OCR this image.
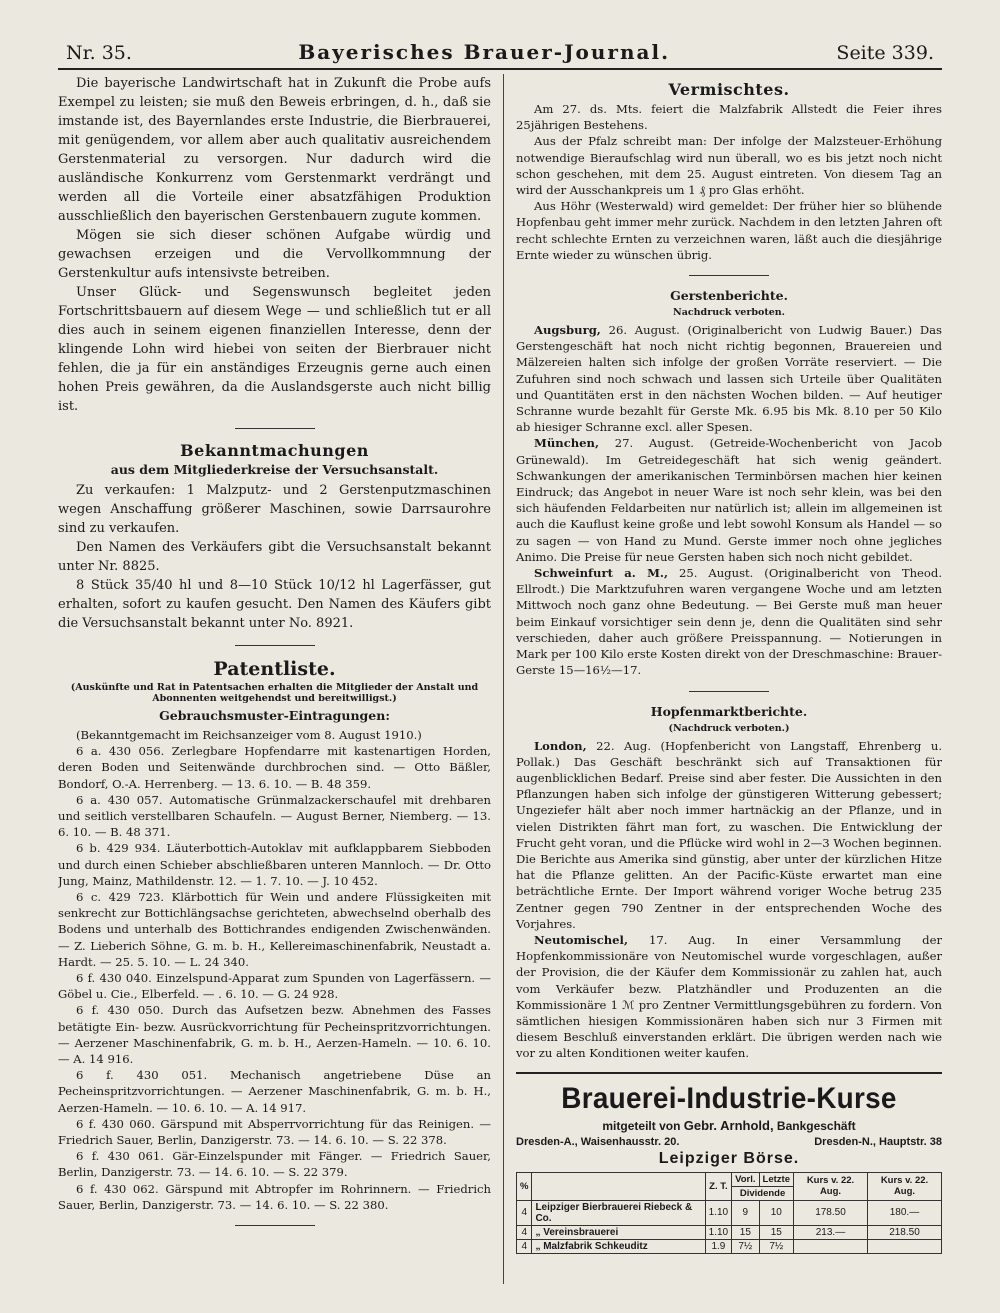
Nr. 35.	Bayerisches Brauer-Journal.	Seite 339.

Die bayerische Landwirtschaft hat in Zukunft die Probe aufs Exempel zu leisten; sie muß den Beweis erbringen, d. h., daß sie imstande ist, des Bayernlandes erste Industrie, die Bierbrauerei, mit genügendem, vor allem aber auch qualitativ ausreichendem Gerstenmaterial zu versorgen. Nur dadurch wird die ausländische Konkurrenz vom Gerstenmarkt verdrängt und werden all die Vorteile einer absatzfähigen Produktion ausschließlich den bayerischen Gerstenbauern zugute kommen.

Mögen sie sich dieser schönen Aufgabe würdig und gewachsen erzeigen und die Vervollkommnung der Gerstenkultur aufs intensivste betreiben.

Unser Glück- und Segenswunsch begleitet jeden Fortschrittsbauern auf diesem Wege — und schließlich tut er all dies auch in seinem eigenen finanziellen Interesse, denn der klingende Lohn wird hiebei von seiten der Bierbrauer nicht fehlen, die ja für ein anständiges Erzeugnis gerne auch einen hohen Preis gewähren, da die Auslandsgerste auch nicht billig ist.

Bekanntmachungen
aus dem Mitgliederkreise der Versuchsanstalt.

Zu verkaufen: 1 Malzputz- und 2 Gerstenputzmaschinen wegen Anschaffung größerer Maschinen, sowie Darrsaurohre sind zu verkaufen.

Den Namen des Verkäufers gibt die Versuchsanstalt bekannt unter Nr. 8825.

8 Stück 35/40 hl und 8—10 Stück 10/12 hl Lagerfässer, gut erhalten, sofort zu kaufen gesucht. Den Namen des Käufers gibt die Versuchsanstalt bekannt unter No. 8921.

Patentliste.
(Auskünfte und Rat in Patentsachen erhalten die Mitglieder der Anstalt und Abonnenten weitgehendst und bereitwilligst.)
Gebrauchsmuster-Eintragungen:

(Bekanntgemacht im Reichsanzeiger vom 8. August 1910.)

6 a. 430 056. Zerlegbare Hopfendarre mit kastenartigen Horden, deren Boden und Seitenwände durchbrochen sind. — Otto Bäßler, Bondorf, O.-A. Herrenberg. — 13. 6. 10. — B. 48 359.

6 a. 430 057. Automatische Grünmalzackerschaufel mit drehbaren und seitlich verstellbaren Schaufeln. — August Berner, Niemberg. — 13. 6. 10. — B. 48 371.

6 b. 429 934. Läuterbottich-Autoklav mit aufklappbarem Siebboden und durch einen Schieber abschließbaren unteren Mannloch. — Dr. Otto Jung, Mainz, Mathildenstr. 12. — 1. 7. 10. — J. 10 452.

6 c. 429 723. Klärbottich für Wein und andere Flüssigkeiten mit senkrecht zur Bottichlängsachse gerichteten, abwechselnd oberhalb des Bodens und unterhalb des Bottichrandes endigenden Zwischenwänden. — Z. Lieberich Söhne, G. m. b. H., Kellereimaschinenfabrik, Neustadt a. Hardt. — 25. 5. 10. — L. 24 340.

6 f. 430 040. Einzelspund-Apparat zum Spunden von Lagerfässern. — Göbel u. Cie., Elberfeld. — . 6. 10. — G. 24 928.

6 f. 430 050. Durch das Aufsetzen bezw. Abnehmen des Fasses betätigte Ein- bezw. Ausrückvorrichtung für Pecheinspritzvorrichtungen. — Aerzener Maschinenfabrik, G. m. b. H., Aerzen-Hameln. — 10. 6. 10. — A. 14 916.

6 f. 430 051. Mechanisch angetriebene Düse an Pecheinspritzvorrichtungen. — Aerzener Maschinenfabrik, G. m. b. H., Aerzen-Hameln. — 10. 6. 10. — A. 14 917.

6 f. 430 060. Gärspund mit Absperrvorrichtung für das Reinigen. — Friedrich Sauer, Berlin, Danzigerstr. 73. — 14. 6. 10. — S. 22 378.

6 f. 430 061. Gär-Einzelspunder mit Fänger. — Friedrich Sauer, Berlin, Danzigerstr. 73. — 14. 6. 10. — S. 22 379.

6 f. 430 062. Gärspund mit Abtropfer im Rohrinnern. — Friedrich Sauer, Berlin, Danzigerstr. 73. — 14. 6. 10. — S. 22 380.

Vermischtes.

Am 27. ds. Mts. feiert die Malzfabrik Allstedt die Feier ihres 25jährigen Bestehens.

Aus der Pfalz schreibt man: Der infolge der Malzsteuer-Erhöhung notwendige Bieraufschlag wird nun überall, wo es bis jetzt noch nicht schon geschehen, mit dem 25. August eintreten. Von diesem Tag an wird der Ausschankpreis um 1 ₰ pro Glas erhöht.

Aus Höhr (Westerwald) wird gemeldet: Der früher hier so blühende Hopfenbau geht immer mehr zurück. Nachdem in den letzten Jahren oft recht schlechte Ernten zu verzeichnen waren, läßt auch die diesjährige Ernte wieder zu wünschen übrig.

Gerstenberichte.
Nachdruck verboten.

Augsburg, 26. August. (Originalbericht von Ludwig Bauer.) Das Gerstengeschäft hat noch nicht richtig begonnen, Brauereien und Mälzereien halten sich infolge der großen Vorräte reserviert. — Die Zufuhren sind noch schwach und lassen sich Urteile über Qualitäten und Quantitäten erst in den nächsten Wochen bilden. — Auf heutiger Schranne wurde bezahlt für Gerste Mk. 6.95 bis Mk. 8.10 per 50 Kilo ab hiesiger Schranne excl. aller Spesen.

München, 27. August. (Getreide-Wochenbericht von Jacob Grünewald). Im Getreidegeschäft hat sich wenig geändert. Schwankungen der amerikanischen Terminbörsen machen hier keinen Eindruck; das Angebot in neuer Ware ist noch sehr klein, was bei den sich häufenden Feldarbeiten nur natürlich ist; allein im allgemeinen ist auch die Kauflust keine große und lebt sowohl Konsum als Handel — so zu sagen — von Hand zu Mund. Gerste immer noch ohne jegliches Animo. Die Preise für neue Gersten haben sich noch nicht gebildet.

Schweinfurt a. M., 25. August. (Originalbericht von Theod. Ellrodt.) Die Marktzufuhren waren vergangene Woche und am letzten Mittwoch noch ganz ohne Bedeutung. — Bei Gerste muß man heuer beim Einkauf vorsichtiger sein denn je, denn die Qualitäten sind sehr verschieden, daher auch größere Preisspannung. — Notierungen in Mark per 100 Kilo erste Kosten direkt von der Dreschmaschine: Brauer-Gerste 15—16½—17.

Hopfenmarktberichte.
(Nachdruck verboten.)

London, 22. Aug. (Hopfenbericht von Langstaff, Ehrenberg u. Pollak.) Das Geschäft beschränkt sich auf Transaktionen für augenblicklichen Bedarf. Preise sind aber fester. Die Aussichten in den Pflanzungen haben sich infolge der günstigeren Witterung gebessert; Ungeziefer hält aber noch immer hartnäckig an der Pflanze, und in vielen Distrikten fährt man fort, zu waschen. Die Entwicklung der Frucht geht voran, und die Pflücke wird wohl in 2—3 Wochen beginnen. Die Berichte aus Amerika sind günstig, aber unter der kürzlichen Hitze hat die Pflanze gelitten. An der Pacific-Küste erwartet man eine beträchtliche Ernte. Der Import während voriger Woche betrug 235 Zentner gegen 790 Zentner in der entsprechenden Woche des Vorjahres.

Neutomischel, 17. Aug. In einer Versammlung der Hopfenkommissionäre von Neutomischel wurde vorgeschlagen, außer der Provision, die der Käufer dem Kommissionär zu zahlen hat, auch vom Verkäufer bezw. Platzhändler und Produzenten an die Kommissionäre 1 ℳ pro Zentner Vermittlungsgebühren zu fordern. Von sämtlichen hiesigen Kommissionären haben sich nur 3 Firmen mit diesem Beschluß einverstanden erklärt. Die übrigen werden nach wie vor zu alten Konditionen weiter kaufen.

Brauerei-Industrie-Kurse
mitgeteilt von Gebr. Arnhold, Bankgeschäft
Dresden-A., Waisenhausstr. 20.	Dresden-N., Hauptstr. 38
Leipziger Börse.
%		Z. T.	Vorl.	Letzte	Kurs v. 22. Aug.	Kurs v. 22. Aug.
			Dividende			
4	Leipziger Bierbrauerei Riebeck & Co.	1.10	9	10	178.50	180.—
4	„ Vereinsbrauerei	1.10	15	15	213.—	218.50
4	„ Malzfabrik Schkeuditz	1.9	7½	7½		
